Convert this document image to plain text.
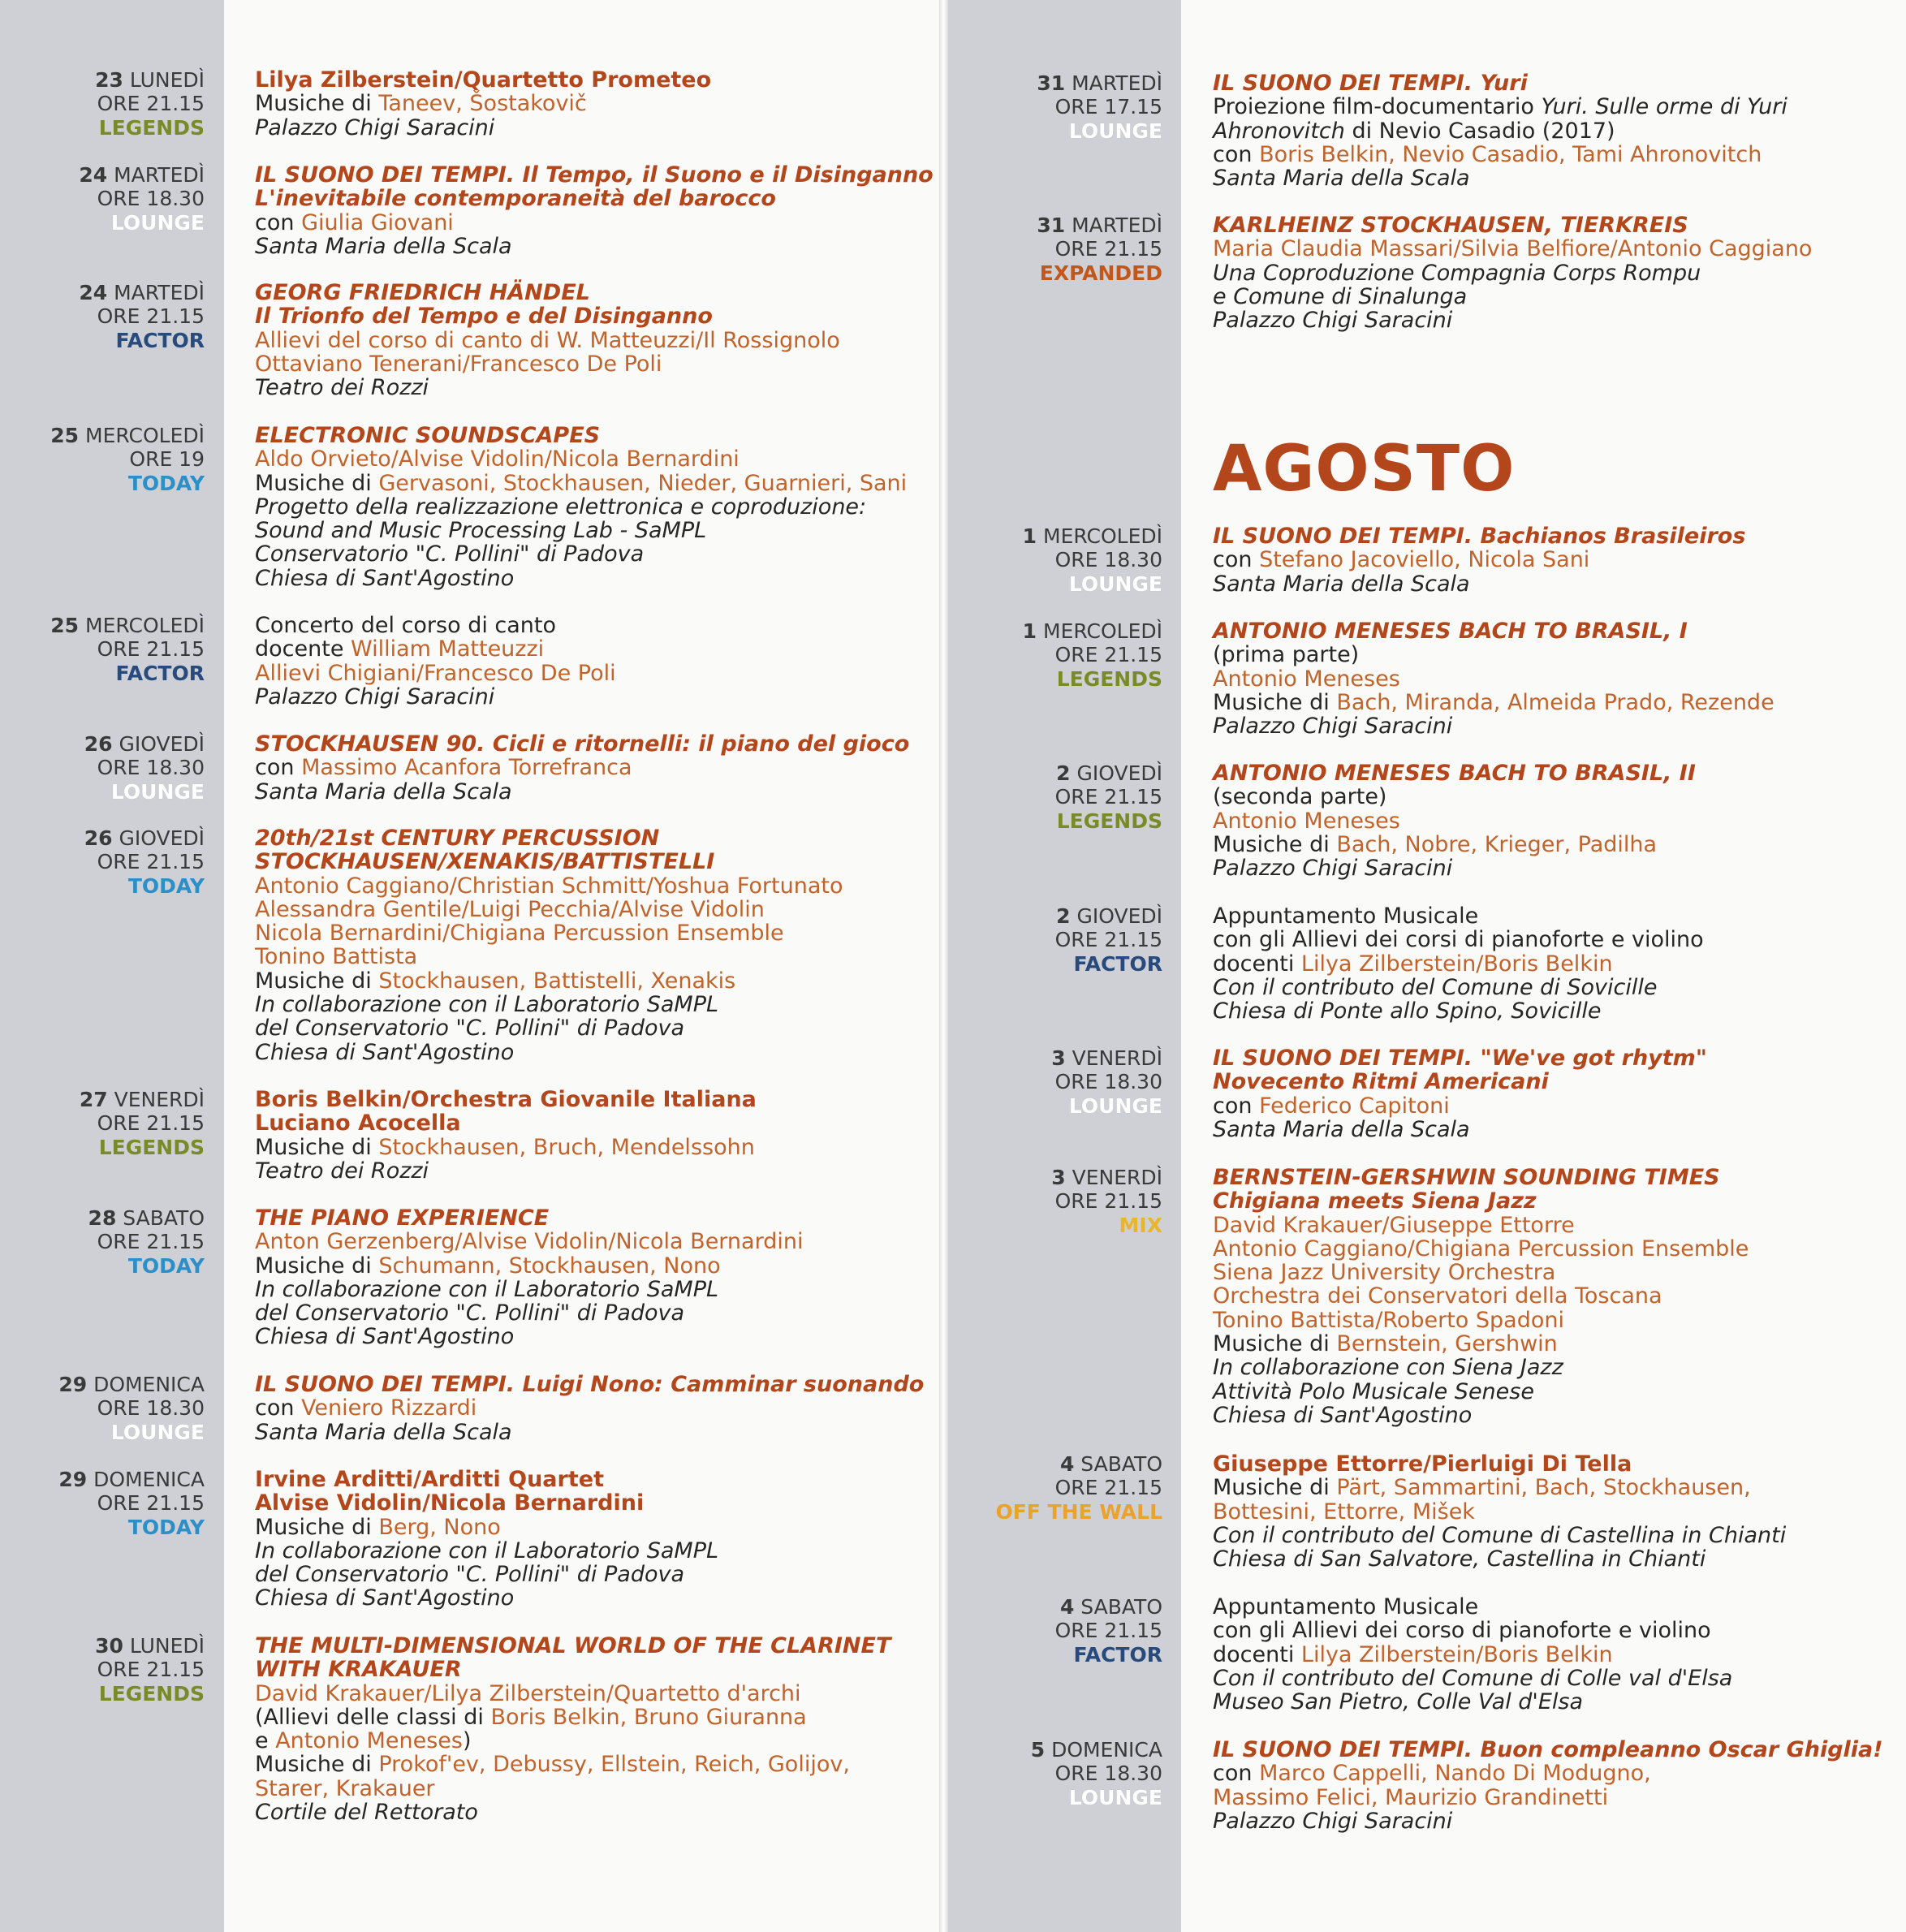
23 LUNEDÌ
ORE 21.15
LEGENDS
Lilya Zilberstein/Quartetto Prometeo
Musiche di Taneev, Šostakovič
Palazzo Chigi Saracini
24 MARTEDÌ
ORE 18.30
LOUNGE
IL SUONO DEI TEMPI. Il Tempo, il Suono e il Disinganno
L'inevitabile contemporaneità del barocco
con Giulia Giovani
Santa Maria della Scala
24 MARTEDÌ
ORE 21.15
FACTOR
GEORG FRIEDRICH HÄNDEL
Il Trionfo del Tempo e del Disinganno
Allievi del corso di canto di W. Matteuzzi/Il Rossignolo
Ottaviano Tenerani/Francesco De Poli
Teatro dei Rozzi
25 MERCOLEDÌ
ORE 19
TODAY
ELECTRONIC SOUNDSCAPES
Aldo Orvieto/Alvise Vidolin/Nicola Bernardini
Musiche di Gervasoni, Stockhausen, Nieder, Guarnieri, Sani
Progetto della realizzazione elettronica e coproduzione:
Sound and Music Processing Lab - SaMPL
Conservatorio "C. Pollini" di Padova
Chiesa di Sant'Agostino
25 MERCOLEDÌ
ORE 21.15
FACTOR
Concerto del corso di canto
docente William Matteuzzi
Allievi Chigiani/Francesco De Poli
Palazzo Chigi Saracini
26 GIOVEDÌ
ORE 18.30
LOUNGE
STOCKHAUSEN 90. Cicli e ritornelli: il piano del gioco
con Massimo Acanfora Torrefranca
Santa Maria della Scala
26 GIOVEDÌ
ORE 21.15
TODAY
20th/21st CENTURY PERCUSSION
STOCKHAUSEN/XENAKIS/BATTISTELLI
Antonio Caggiano/Christian Schmitt/Yoshua Fortunato
Alessandra Gentile/Luigi Pecchia/Alvise Vidolin
Nicola Bernardini/Chigiana Percussion Ensemble
Tonino Battista
Musiche di Stockhausen, Battistelli, Xenakis
In collaborazione con il Laboratorio SaMPL
del Conservatorio "C. Pollini" di Padova
Chiesa di Sant'Agostino
27 VENERDÌ
ORE 21.15
LEGENDS
Boris Belkin/Orchestra Giovanile Italiana
Luciano Acocella
Musiche di Stockhausen, Bruch, Mendelssohn
Teatro dei Rozzi
28 SABATO
ORE 21.15
TODAY
THE PIANO EXPERIENCE
Anton Gerzenberg/Alvise Vidolin/Nicola Bernardini
Musiche di Schumann, Stockhausen, Nono
In collaborazione con il Laboratorio SaMPL
del Conservatorio "C. Pollini" di Padova
Chiesa di Sant'Agostino
29 DOMENICA
ORE 18.30
LOUNGE
IL SUONO DEI TEMPI. Luigi Nono: Camminar suonando
con Veniero Rizzardi
Santa Maria della Scala
29 DOMENICA
ORE 21.15
TODAY
Irvine Arditti/Arditti Quartet
Alvise Vidolin/Nicola Bernardini
Musiche di Berg, Nono
In collaborazione con il Laboratorio SaMPL
del Conservatorio "C. Pollini" di Padova
Chiesa di Sant'Agostino
30 LUNEDÌ
ORE 21.15
LEGENDS
THE MULTI-DIMENSIONAL WORLD OF THE CLARINET
WITH KRAKAUER
David Krakauer/Lilya Zilberstein/Quartetto d'archi
(Allievi delle classi di Boris Belkin, Bruno Giuranna
e Antonio Meneses)
Musiche di Prokof'ev, Debussy, Ellstein, Reich, Golijov,
Starer, Krakauer
Cortile del Rettorato
AGOSTO
31 MARTEDÌ
ORE 17.15
LOUNGE
IL SUONO DEI TEMPI. Yuri
Proiezione film-documentario Yuri. Sulle orme di Yuri
Ahronovitch di Nevio Casadio (2017)
con Boris Belkin, Nevio Casadio, Tami Ahronovitch
Santa Maria della Scala
31 MARTEDÌ
ORE 21.15
EXPANDED
KARLHEINZ STOCKHAUSEN, TIERKREIS
Maria Claudia Massari/Silvia Belfiore/Antonio Caggiano
Una Coproduzione Compagnia Corps Rompu
e Comune di Sinalunga
Palazzo Chigi Saracini
1 MERCOLEDÌ
ORE 18.30
LOUNGE
IL SUONO DEI TEMPI. Bachianos Brasileiros
con Stefano Jacoviello, Nicola Sani
Santa Maria della Scala
1 MERCOLEDÌ
ORE 21.15
LEGENDS
ANTONIO MENESES BACH TO BRASIL, I
(prima parte)
Antonio Meneses
Musiche di Bach, Miranda, Almeida Prado, Rezende
Palazzo Chigi Saracini
2 GIOVEDÌ
ORE 21.15
LEGENDS
ANTONIO MENESES BACH TO BRASIL, II
(seconda parte)
Antonio Meneses
Musiche di Bach, Nobre, Krieger, Padilha
Palazzo Chigi Saracini
2 GIOVEDÌ
ORE 21.15
FACTOR
Appuntamento Musicale
con gli Allievi dei corsi di pianoforte e violino
docenti Lilya Zilberstein/Boris Belkin
Con il contributo del Comune di Sovicille
Chiesa di Ponte allo Spino, Sovicille
3 VENERDÌ
ORE 18.30
LOUNGE
IL SUONO DEI TEMPI. "We've got rhytm"
Novecento Ritmi Americani
con Federico Capitoni
Santa Maria della Scala
3 VENERDÌ
ORE 21.15
MIX
BERNSTEIN-GERSHWIN SOUNDING TIMES
Chigiana meets Siena Jazz
David Krakauer/Giuseppe Ettorre
Antonio Caggiano/Chigiana Percussion Ensemble
Siena Jazz University Orchestra
Orchestra dei Conservatori della Toscana
Tonino Battista/Roberto Spadoni
Musiche di Bernstein, Gershwin
In collaborazione con Siena Jazz
Attività Polo Musicale Senese
Chiesa di Sant'Agostino
4 SABATO
ORE 21.15
OFF THE WALL
Giuseppe Ettorre/Pierluigi Di Tella
Musiche di Pärt, Sammartini, Bach, Stockhausen,
Bottesini, Ettorre, Mišek
Con il contributo del Comune di Castellina in Chianti
Chiesa di San Salvatore, Castellina in Chianti
4 SABATO
ORE 21.15
FACTOR
Appuntamento Musicale
con gli Allievi dei corso di pianoforte e violino
docenti Lilya Zilberstein/Boris Belkin
Con il contributo del Comune di Colle val d'Elsa
Museo San Pietro, Colle Val d'Elsa
5 DOMENICA
ORE 18.30
LOUNGE
IL SUONO DEI TEMPI. Buon compleanno Oscar Ghiglia!
con Marco Cappelli, Nando Di Modugno,
Massimo Felici, Maurizio Grandinetti
Palazzo Chigi Saracini
